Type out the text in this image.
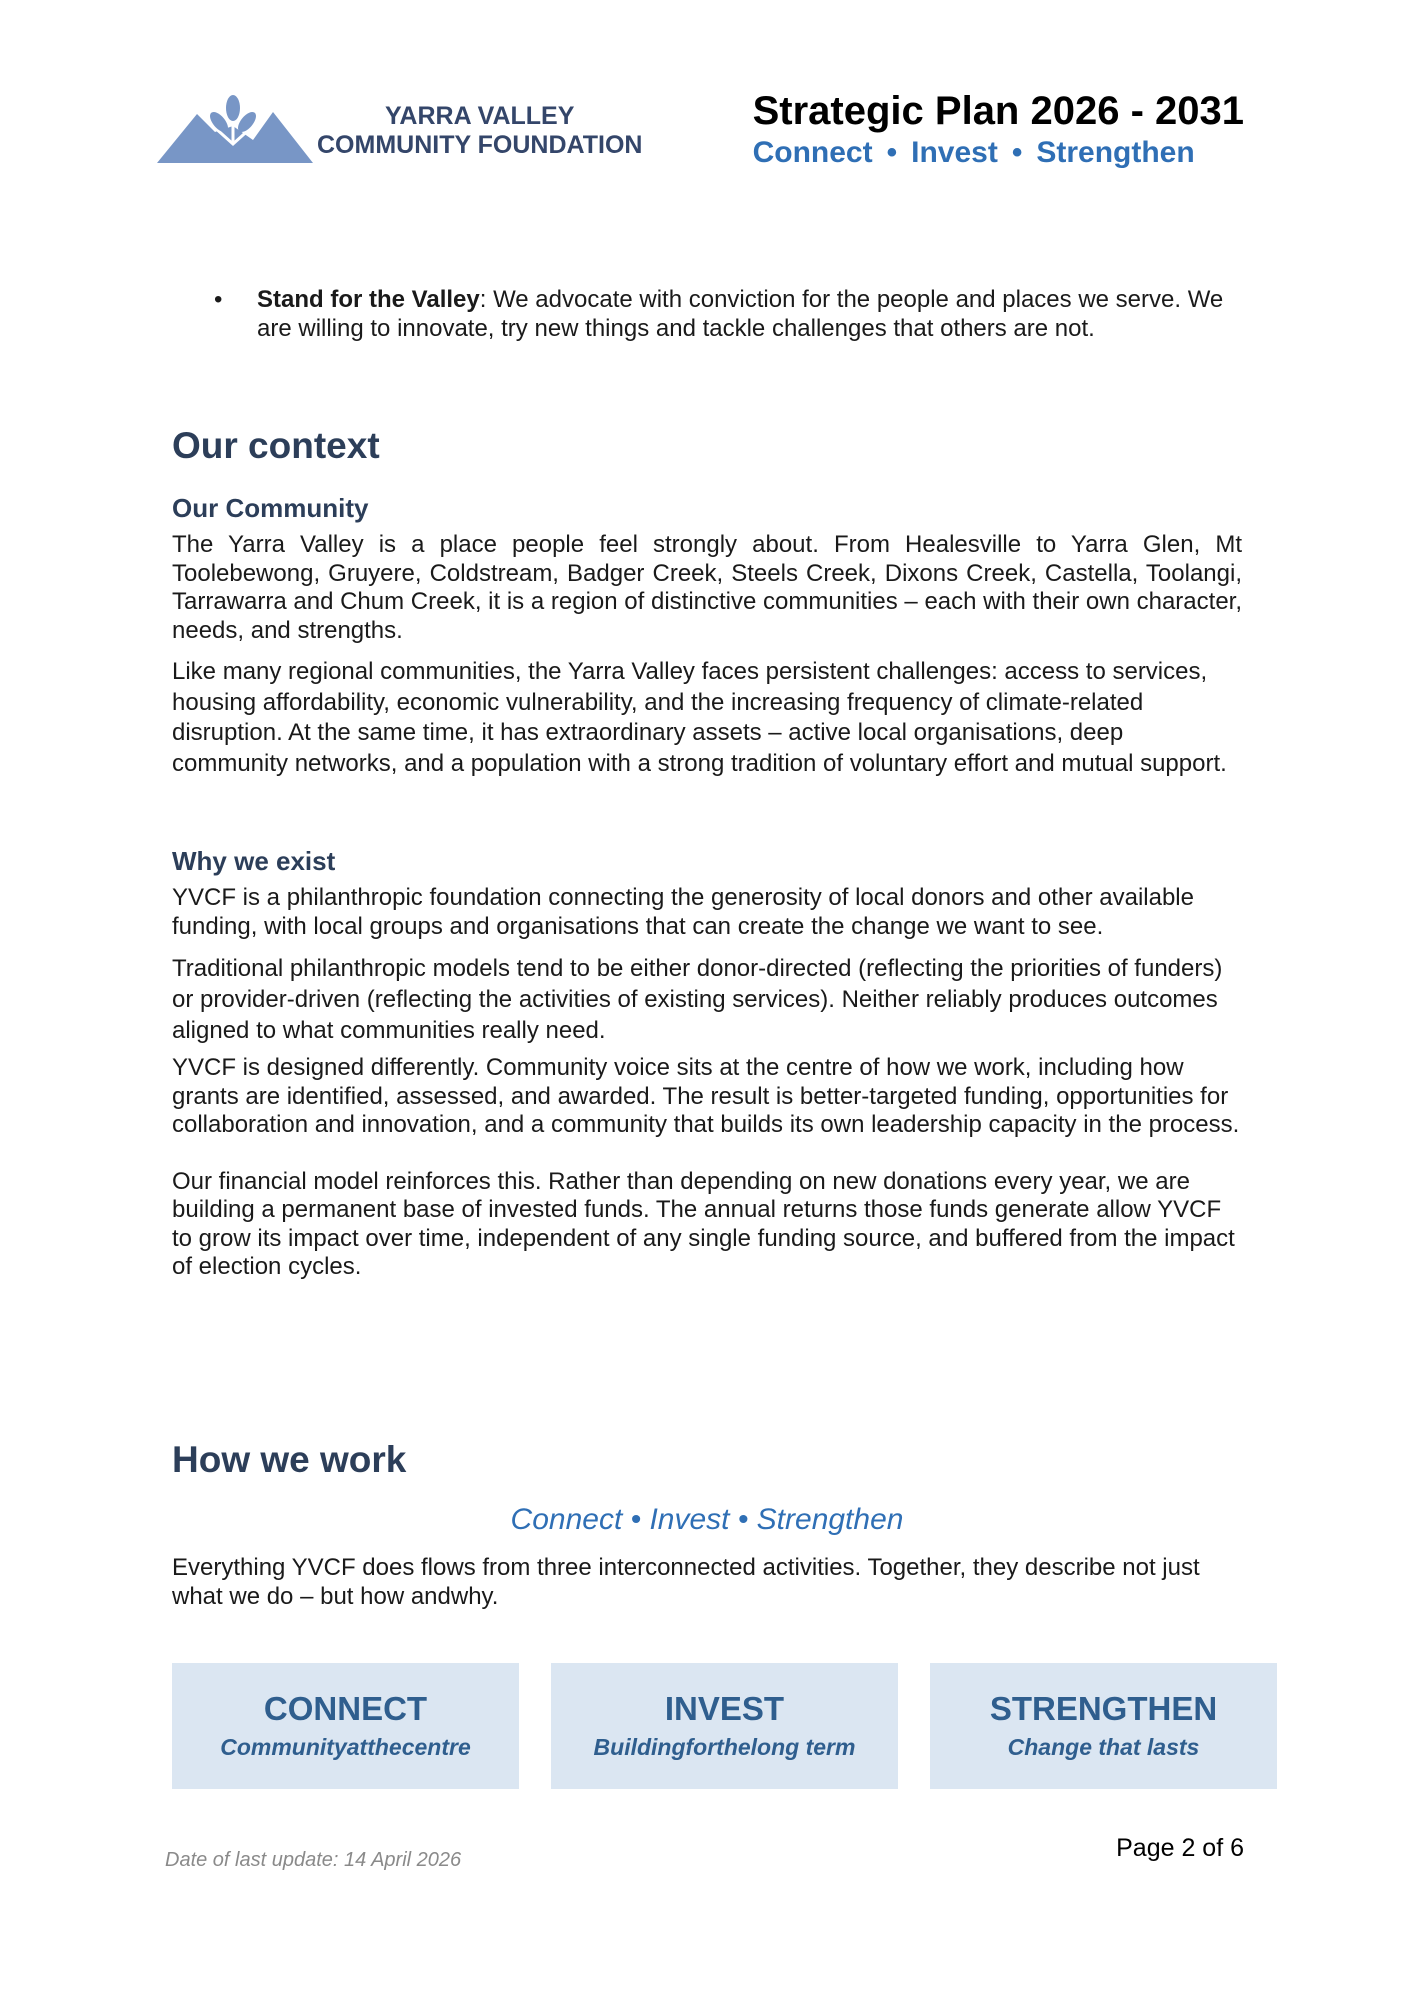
YARRA VALLEY
COMMUNITY FOUNDATION
Strategic Plan 2026 - 2031
Connect • Invest • Strengthen
• Stand for the Valley: We advocate with conviction for the people and places we serve. We are willing to innovate, try new things and tackle challenges that others are not.

Our context
Our Community

The Yarra Valley is a place people feel strongly about. From Healesville to Yarra Glen, Mt Toolebewong, Gruyere, Coldstream, Badger Creek, Steels Creek, Dixons Creek, Castella, Toolangi, Tarrawarra and Chum Creek, it is a region of distinctive communities – each with their own character, needs, and strengths.

Like many regional communities, the Yarra Valley faces persistent challenges: access to services, housing affordability, economic vulnerability, and the increasing frequency of climate-related disruption. At the same time, it has extraordinary assets – active local organisations, deep community networks, and a population with a strong tradition of voluntary effort and mutual support.

Why we exist

YVCF is a philanthropic foundation connecting the generosity of local donors and other available funding, with local groups and organisations that can create the change we want to see.

Traditional philanthropic models tend to be either donor-directed (reflecting the priorities of funders) or provider-driven (reflecting the activities of existing services). Neither reliably produces outcomes aligned to what communities really need.

YVCF is designed differently. Community voice sits at the centre of how we work, including how grants are identified, assessed, and awarded. The result is better-targeted funding, opportunities for collaboration and innovation, and a community that builds its own leadership capacity in the process.

Our financial model reinforces this. Rather than depending on new donations every year, we are building a permanent base of invested funds. The annual returns those funds generate allow YVCF to grow its impact over time, independent of any single funding source, and buffered from the impact of election cycles.

How we work
Connect • Invest • Strengthen

Everything YVCF does flows from three interconnected activities. Together, they describe not just what we do – but how andwhy.

CONNECT
Communityatthecentre
INVEST
Buildingforthelong term
STRENGTHEN
Change that lasts
Date of last update: 14 April 2026	Page 2 of 6
